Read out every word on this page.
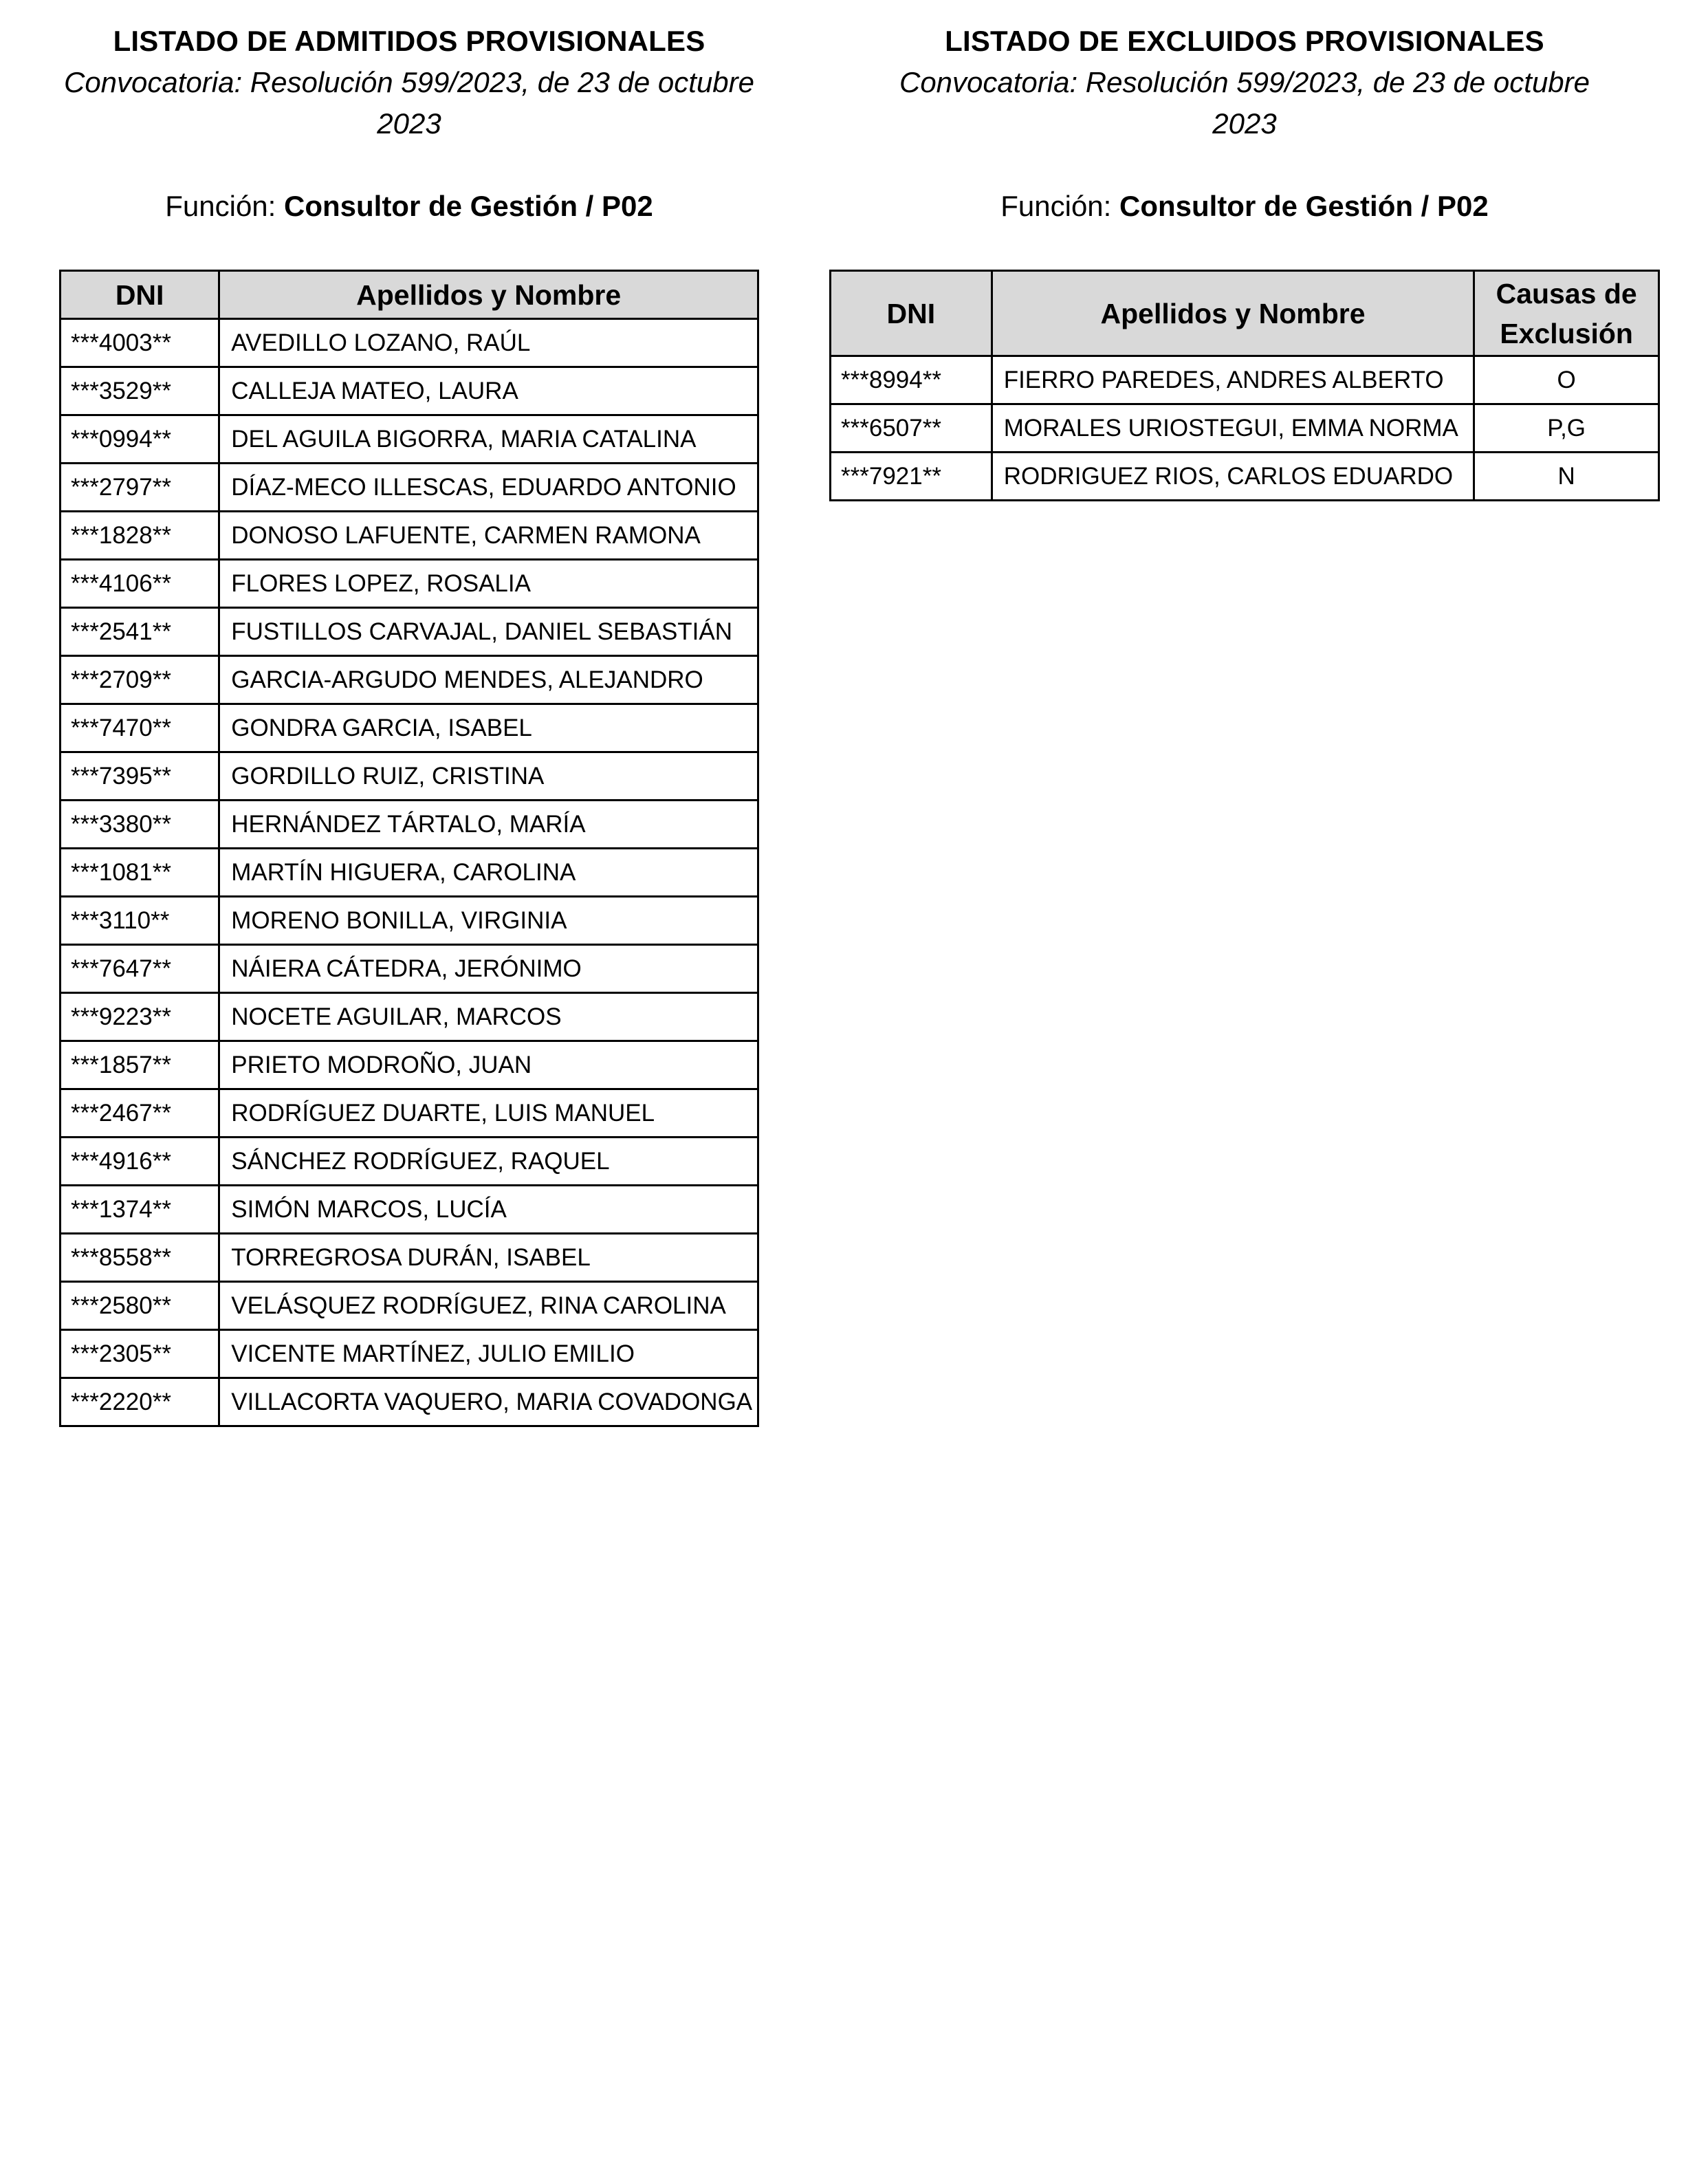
LISTADO DE ADMITIDOS PROVISIONALES
Convocatoria: Resolución 599/2023, de 23 de octubre
2023
Función: Consultor de Gestión / P02
DNI	Apellidos y Nombre
***4003**	AVEDILLO LOZANO, RAÚL
***3529**	CALLEJA MATEO, LAURA
***0994**	DEL AGUILA BIGORRA, MARIA CATALINA
***2797**	DÍAZ-MECO ILLESCAS, EDUARDO ANTONIO
***1828**	DONOSO LAFUENTE, CARMEN RAMONA
***4106**	FLORES LOPEZ, ROSALIA
***2541**	FUSTILLOS CARVAJAL, DANIEL SEBASTIÁN
***2709**	GARCIA-ARGUDO MENDES, ALEJANDRO
***7470**	GONDRA GARCIA, ISABEL
***7395**	GORDILLO RUIZ, CRISTINA
***3380**	HERNÁNDEZ TÁRTALO, MARÍA
***1081**	MARTÍN HIGUERA, CAROLINA
***3110**	MORENO BONILLA, VIRGINIA
***7647**	NÁIERA CÁTEDRA, JERÓNIMO
***9223**	NOCETE AGUILAR, MARCOS
***1857**	PRIETO MODROÑO, JUAN
***2467**	RODRÍGUEZ DUARTE, LUIS MANUEL
***4916**	SÁNCHEZ RODRÍGUEZ, RAQUEL
***1374**	SIMÓN MARCOS, LUCÍA
***8558**	TORREGROSA DURÁN, ISABEL
***2580**	VELÁSQUEZ RODRÍGUEZ, RINA CAROLINA
***2305**	VICENTE MARTÍNEZ, JULIO EMILIO
***2220**	VILLACORTA VAQUERO, MARIA COVADONGA
LISTADO DE EXCLUIDOS PROVISIONALES
Convocatoria: Resolución 599/2023, de 23 de octubre
2023
Función: Consultor de Gestión / P02
DNI	Apellidos y Nombre	Causas de
Exclusión

***8994**	FIERRO PAREDES, ANDRES ALBERTO	O
***6507**	MORALES URIOSTEGUI, EMMA NORMA	P,G
***7921**	RODRIGUEZ RIOS, CARLOS EDUARDO	N
